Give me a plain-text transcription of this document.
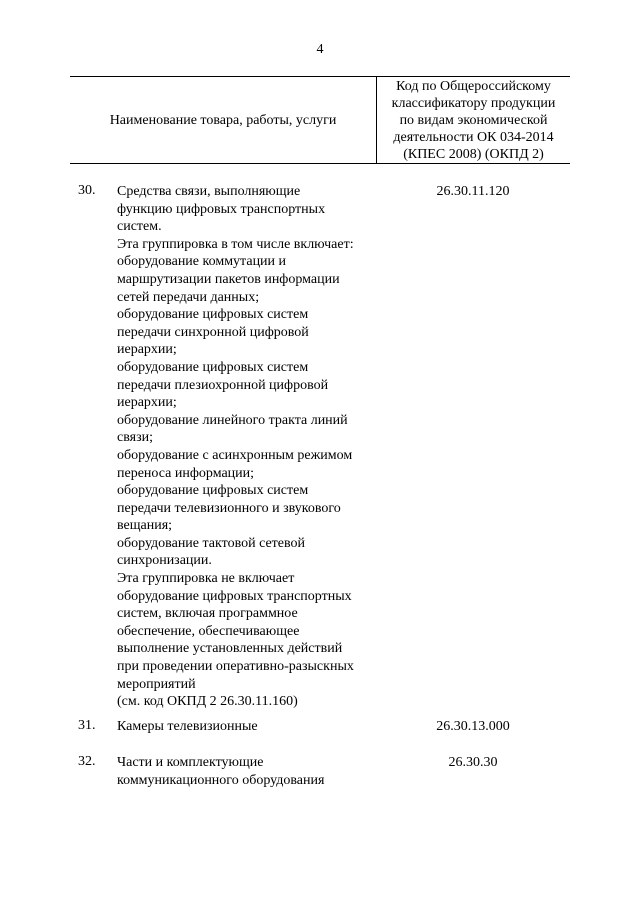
4
Наименование товара, работы, услуги
Код по Общероссийскому
классификатору продукции
по видам экономической
деятельности ОК 034-2014
(КПЕС 2008) (ОКПД 2)
30. Средства связи, выполняющие
функцию цифровых транспортных
систем.
Эта группировка в том числе включает:
оборудование коммутации и
маршрутизации пакетов информации
сетей передачи данных;
оборудование цифровых систем
передачи синхронной цифровой
иерархии;
оборудование цифровых систем
передачи плезиохронной цифровой
иерархии;
оборудование линейного тракта линий
связи;
оборудование с асинхронным режимом
переноса информации;
оборудование цифровых систем
передачи телевизионного и звукового
вещания;
оборудование тактовой сетевой
синхронизации.
Эта группировка не включает
оборудование цифровых транспортных
систем, включая программное
обеспечение, обеспечивающее
выполнение установленных действий
при проведении оперативно-разыскных
мероприятий
(см. код ОКПД 2 26.30.11.160)
26.30.11.120
31. Камеры телевизионные	26.30.13.000
32. Части и комплектующие
коммуникационного оборудования
26.30.30
